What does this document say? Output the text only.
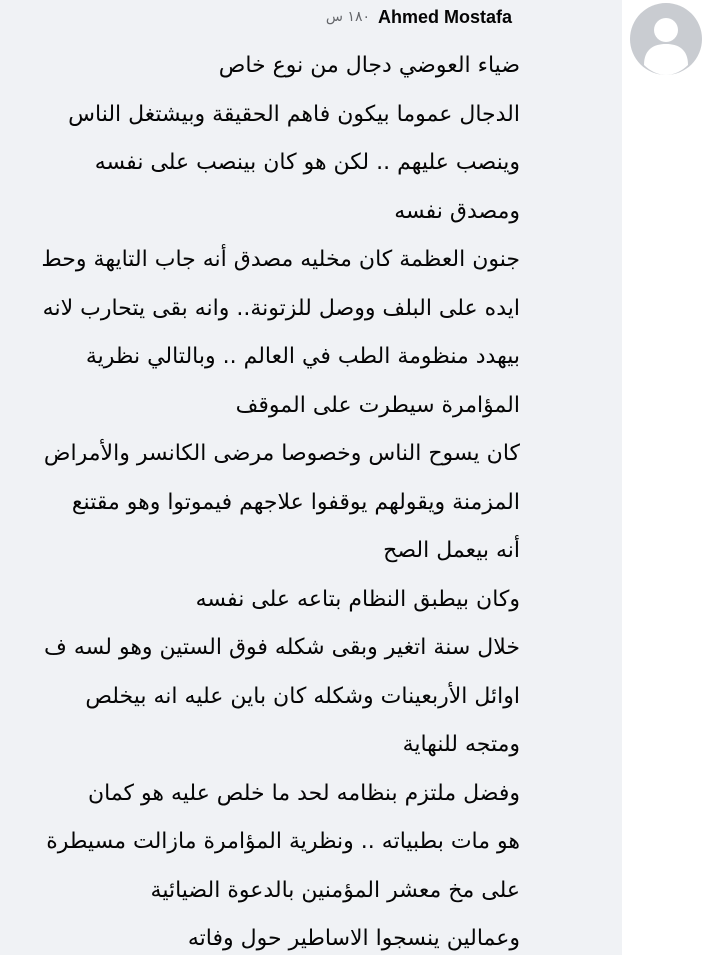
١٨٠ س Ahmed Mostafa
ضياء العوضي دجال من نوع خاص
الدجال عموما بيكون فاهم الحقيقة وبيشتغل الناس
وينصب عليهم .. لكن هو كان بينصب على نفسه
ومصدق نفسه
جنون العظمة كان مخليه مصدق أنه جاب التايهة وحط
ايده على البلف ووصل للزتونة.. وانه بقى يتحارب لانه
بيهدد منظومة الطب في العالم .. وبالتالي نظرية
المؤامرة سيطرت على الموقف
كان يسوح الناس وخصوصا مرضى الكانسر والأمراض
المزمنة ويقولهم يوقفوا علاجهم فيموتوا وهو مقتنع
أنه بيعمل الصح
وكان بيطبق النظام بتاعه على نفسه
خلال سنة اتغير وبقى شكله فوق الستين وهو لسه ف
اوائل الأربعينات وشكله كان باين عليه انه بيخلص
ومتجه للنهاية
وفضل ملتزم بنظامه لحد ما خلص عليه هو كمان
هو مات بطبياته .. ونظرية المؤامرة مازالت مسيطرة
على مخ معشر المؤمنين بالدعوة الضيائية
وعمالين ينسجوا الاساطير حول وفاته
